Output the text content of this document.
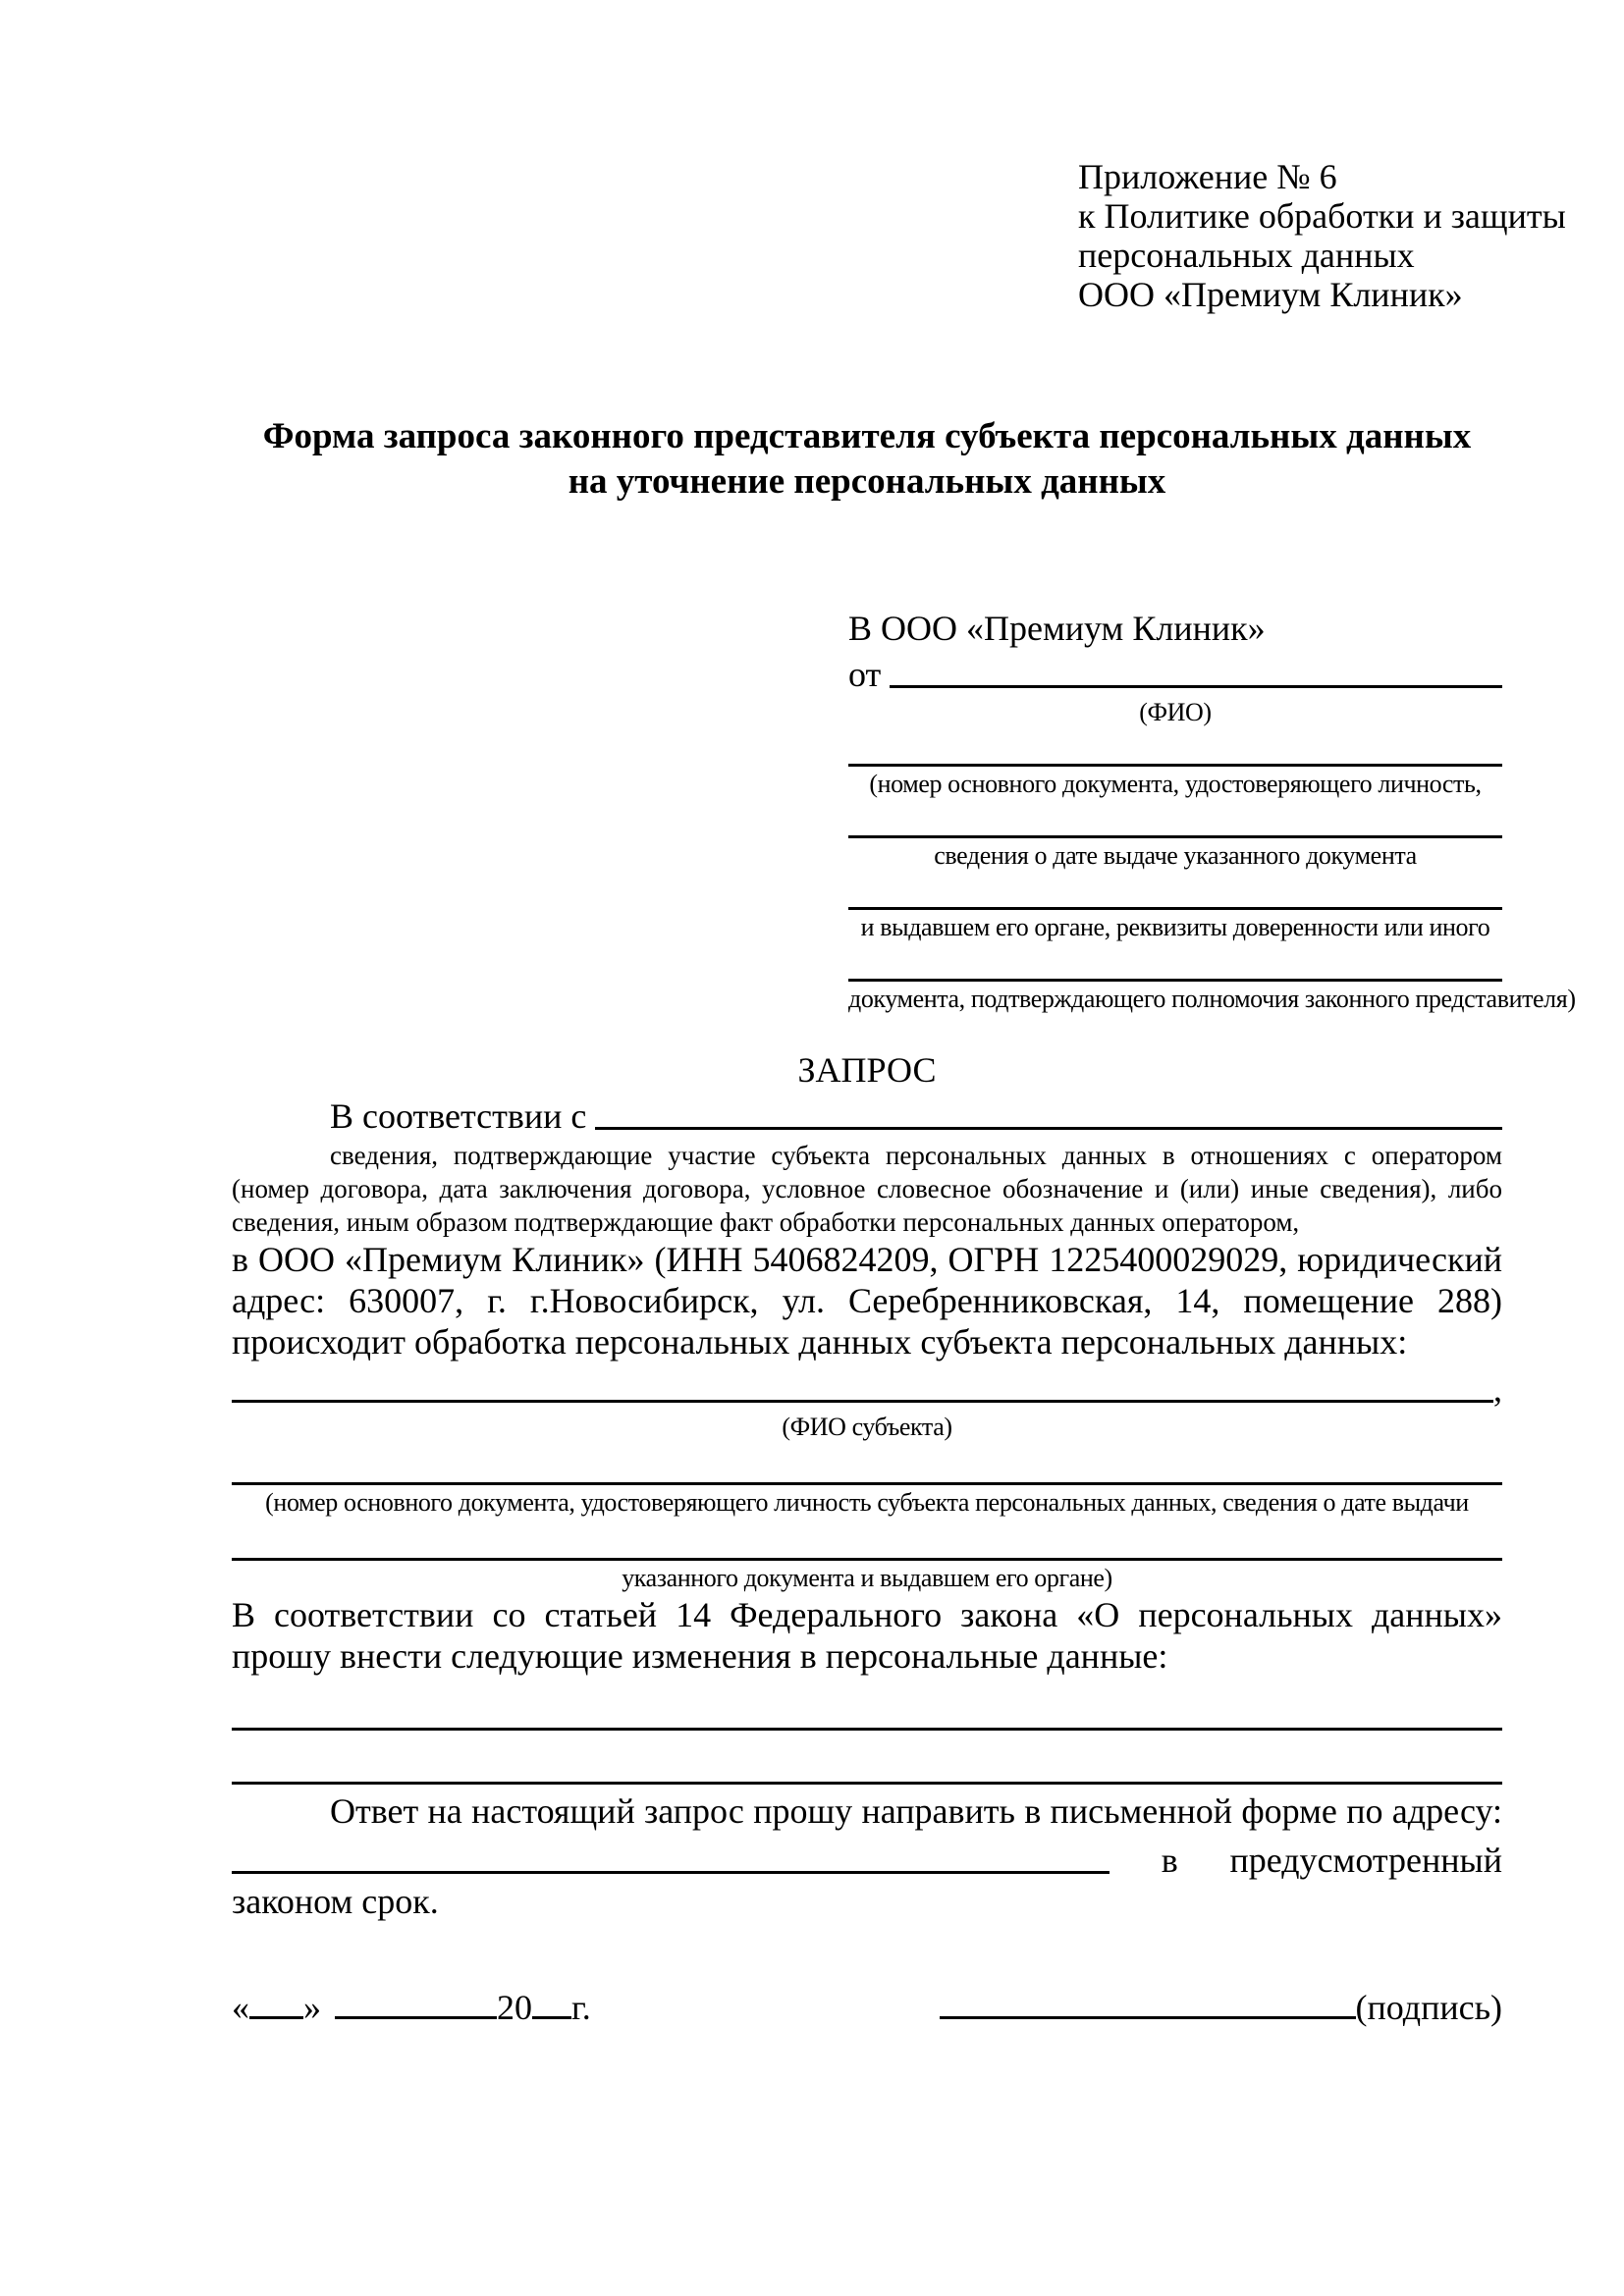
Приложение № 6
к Политике обработки и защиты
персональных данных
ООО «Премиум Клиник»
Форма запроса законного представителя субъекта персональных данных
на уточнение персональных данных
В ООО «Премиум Клиник»
от
(ФИО)
(номер основного документа, удостоверяющего личность,
сведения о дате выдаче указанного документа
и выдавшем его органе, реквизиты доверенности или иного
документа, подтверждающего полномочия законного представителя)
ЗАПРОС
В соответствии с

сведения, подтверждающие участие субъекта персональных данных в отношениях с оператором (номер договора, дата заключения договора, условное словесное обозначение и (или) иные сведения), либо сведения, иным образом подтверждающие факт обработки персональных данных оператором,

в ООО «Премиум Клиник» (ИНН 5406824209, ОГРН 1225400029029, юридический адрес: 630007, г. г.Новосибирск, ул. Серебренниковская, 14, помещение 288) происходит обработка персональных данных субъекта персональных данных:

,
(ФИО субъекта)
(номер основного документа, удостоверяющего личность субъекта персональных данных, сведения о дате выдачи
указанного документа и выдавшем его органе)

В соответствии со статьей 14 Федерального закона «О персональных данных» прошу внести следующие изменения в персональные данные:

Ответ на настоящий запрос прошу направить в письменной форме по адресу:

в предусмотренный
законом срок.
« »	20 г.	(подпись)
